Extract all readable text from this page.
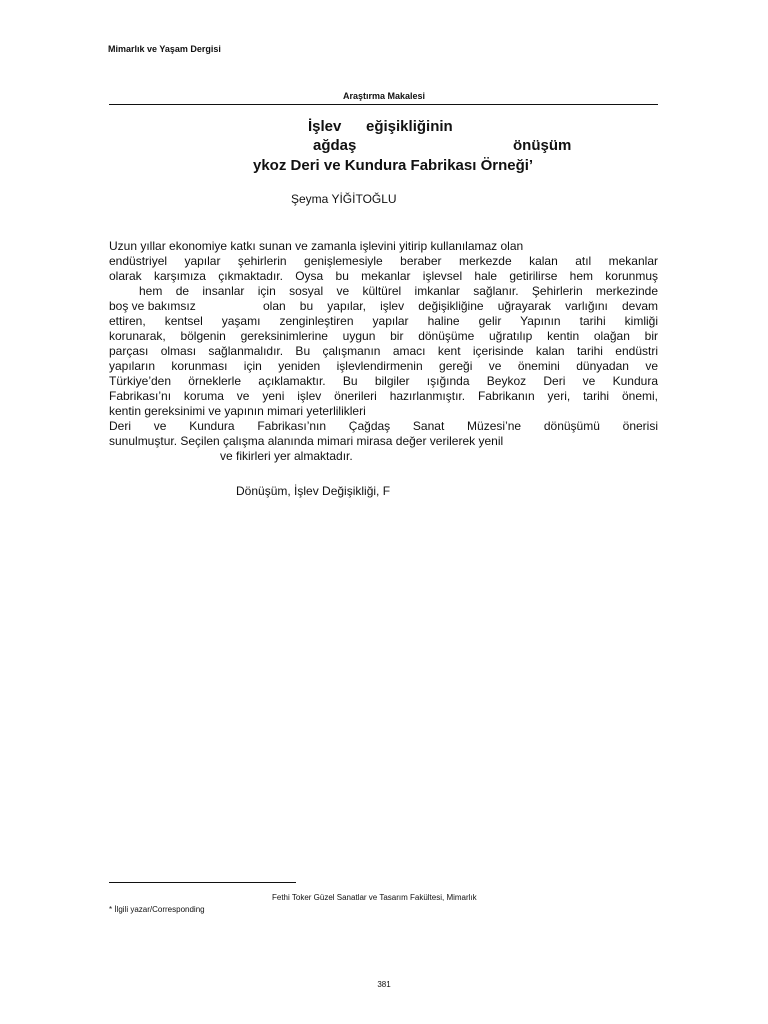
Mimarlık ve Yaşam Dergisi
Araştırma Makalesi
İşlev eğişikliğinin
ağdaş	önüşüm
ykoz Deri ve Kundura Fabrikası Örneği’
Şeyma YİĞİTOĞLU
Uzun yıllar ekonomiye katkı sunan ve zamanla işlevini yitirip kullanılamaz olan
endüstriyel yapılar şehirlerin genişlemesiyle beraber merkezde kalan atıl mekanlar
olarak karşımıza çıkmaktadır. Oysa bu mekanlar işlevsel hale getirilirse hem korunmuş
hem de insanlar için sosyal ve kültürel imkanlar sağlanır. Şehirlerin merkezinde
boş ve bakımsız	olan bu yapılar, işlev değişikliğine uğrayarak varlığını devam
ettiren, kentsel yaşamı zenginleştiren yapılar haline gelir Yapının tarihi kimliği
korunarak, bölgenin gereksinimlerine uygun bir dönüşüme uğratılıp kentin olağan bir
parçası olması sağlanmalıdır. Bu çalışmanın amacı kent içerisinde kalan tarihi endüstri
yapıların korunması için yeniden işlevlendirmenin gereği ve önemini dünyadan ve
Türkiye’den örneklerle açıklamaktır. Bu bilgiler ışığında Beykoz Deri ve Kundura
Fabrikası’nı koruma ve yeni işlev önerileri hazırlanmıştır. Fabrikanın yeri, tarihi önemi,
kentin gereksinimi ve yapının mimari yeterlilikleri
Deri ve Kundura Fabrikası’nın Çağdaş Sanat Müzesi’ne dönüşümü önerisi
sunulmuştur. Seçilen çalışma alanında mimari mirasa değer verilerek yenil
ve fikirleri yer almaktadır.
Dönüşüm, İşlev Değişikliği, F
Fethi Toker Güzel Sanatlar ve Tasarım Fakültesi, Mimarlık
* İlgili yazar/Corresponding
381
